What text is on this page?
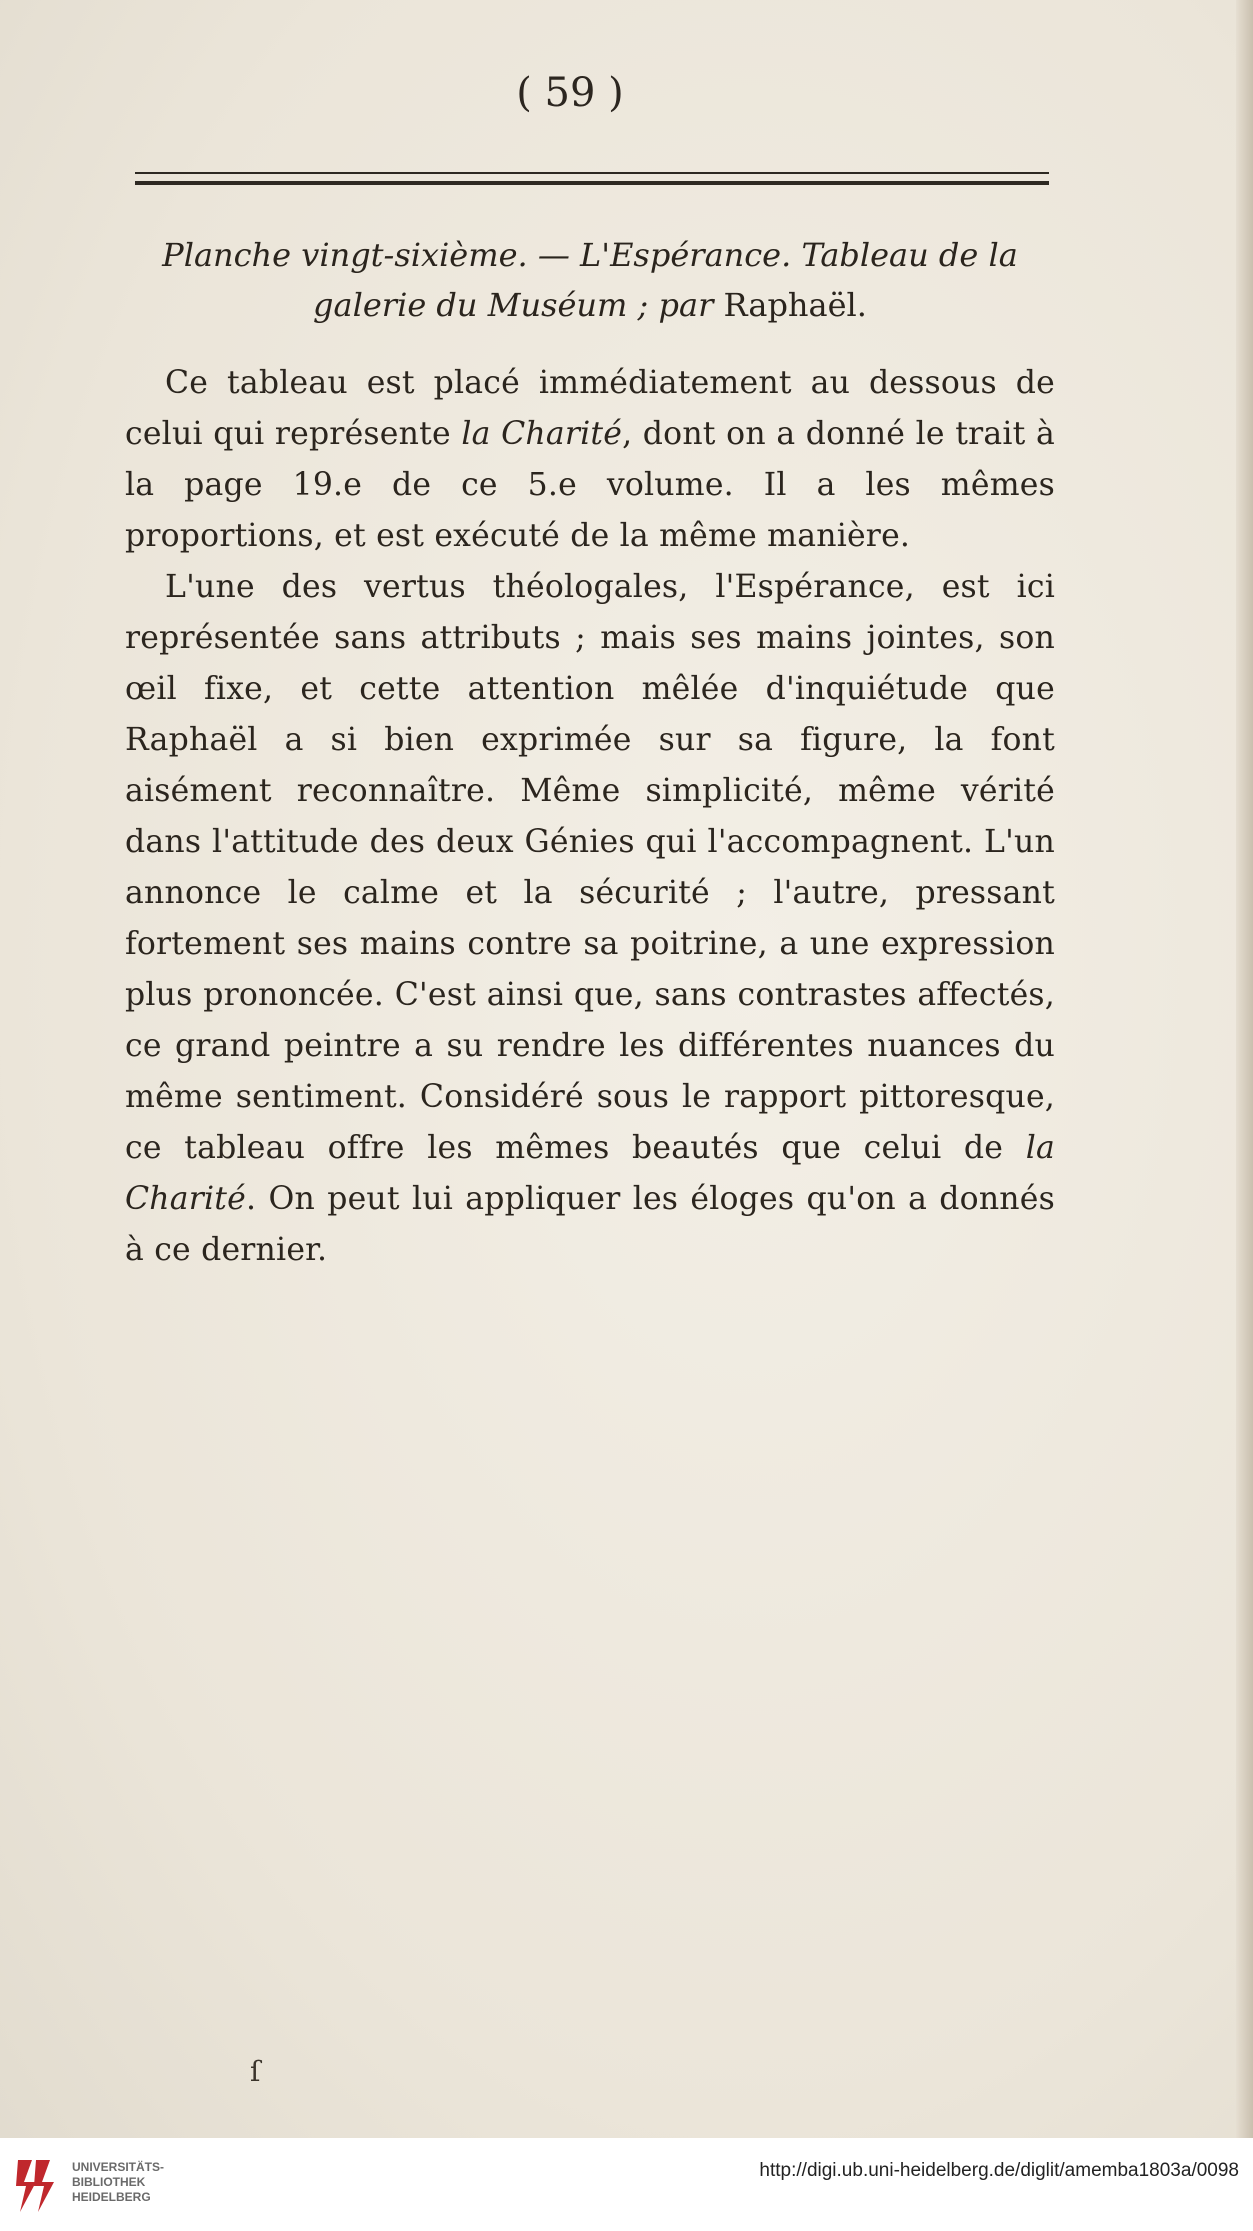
( 59 )
Planche vingt-sixième. — L'Espérance. Tableau de la galerie du Muséum ; par Raphaël.

Ce tableau est placé immédiatement au dessous de celui qui représente la Charité, dont on a donné le trait à la page 19.e de ce 5.e volume. Il a les mêmes proportions, et est exécuté de la même manière.

L'une des vertus théologales, l'Espérance, est ici représentée sans attributs ; mais ses mains jointes, son œil fixe, et cette attention mêlée d'inquiétude que Raphaël a si bien exprimée sur sa figure, la font aisément reconnaître. Même simplicité, même vérité dans l'attitude des deux Génies qui l'accompagnent. L'un annonce le calme et la sécurité ; l'autre, pressant fortement ses mains contre sa poitrine, a une expression plus prononcée. C'est ainsi que, sans contrastes affectés, ce grand peintre a su rendre les différentes nuances du même sentiment. Considéré sous le rapport pittoresque, ce tableau offre les mêmes beautés que celui de la Charité. On peut lui appliquer les éloges qu'on a donnés à ce dernier.

ſ
UNIVERSITÄTS-
BIBLIOTHEK
HEIDELBERG
http://digi.ub.uni-heidelberg.de/diglit/amemba1803a/0098
